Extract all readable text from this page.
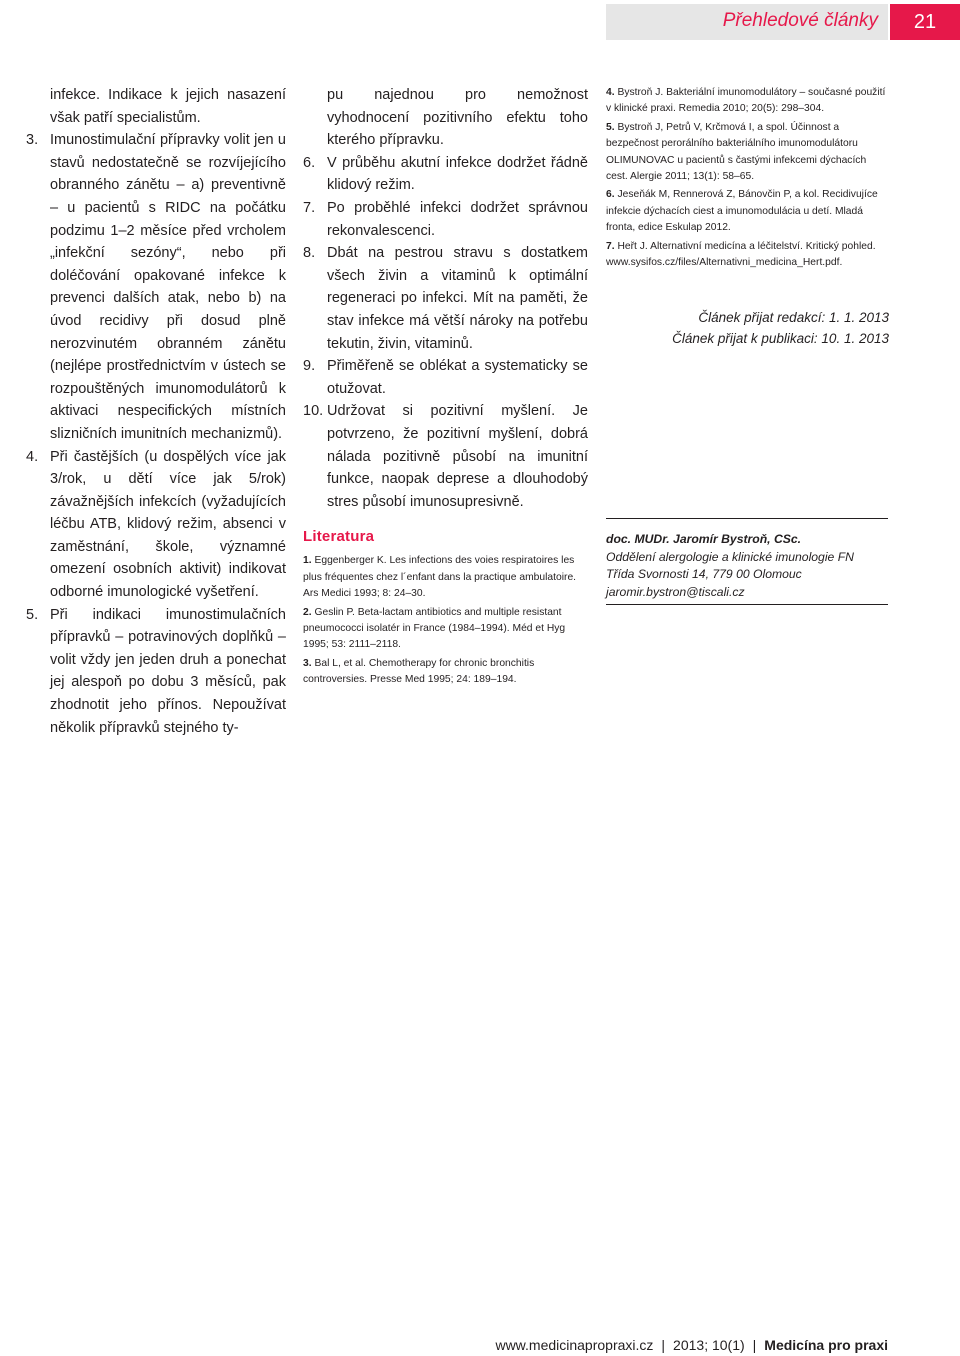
Přehledové články	21

infekce. Indikace k jejich nasazení však patří specialistům.

3. Imunostimulační přípravky volit jen u stavů nedostatečně se rozvíjejícího obranného zánětu – a) preventivně – u pacientů s RIDC na počátku podzimu 1–2 měsíce před vrcholem „infekční sezóny“, nebo při doléčování opakované infekce k prevenci dalších atak, nebo b) na úvod recidivy při dosud plně nerozvinutém obranném zánětu (nejlépe prostřednictvím v ústech se rozpouštěných imunomodulátorů k aktivaci nespecifických místních slizničních imunitních mechanizmů).
4. Při častějších (u dospělých více jak 3/rok, u dětí více jak 5/rok) závažnějších infekcích (vyžadujících léčbu ATB, klidový režim, absenci v zaměstnání, škole, významné omezení osobních aktivit) indikovat odborné imunologické vyšetření.
5. Při indikaci imunostimulačních přípravků – potravinových doplňků – volit vždy jen jeden druh a ponechat jej alespoň po dobu 3 měsíců, pak zhodnotit jeho přínos. Nepoužívat několik přípravků stejného ty-

pu najednou pro nemožnost vyhodnocení pozitivního efektu toho kterého přípravku.

6. V průběhu akutní infekce dodržet řádně klidový režim.
7. Po proběhlé infekci dodržet správnou rekonvalescenci.
8. Dbát na pestrou stravu s dostatkem všech živin a vitaminů k optimální regeneraci po infekci. Mít na paměti, že stav infekce má větší nároky na potřebu tekutin, živin, vitaminů.
9. Přiměřeně se oblékat a systematicky se otužovat.
10. Udržovat si pozitivní myšlení. Je potvrzeno, že pozitivní myšlení, dobrá nálada pozitivně působí na imunitní funkce, naopak deprese a dlouhodobý stres působí imunosupresivně.
Literatura

1. Eggenberger K. Les infections des voies respiratoires les plus fréquentes chez l´enfant dans la practique ambulatoire. Ars Medici 1993; 8: 24–30.

2. Geslin P. Beta-lactam antibiotics and multiple resistant pneumococci isolatér in France (1984–1994). Méd et Hyg 1995; 53: 2111–2118.

3. Bal L, et al. Chemotherapy for chronic bronchitis controversies. Presse Med 1995; 24: 189–194.

4. Bystroň J. Bakteriální imunomodulátory – současné použití v klinické praxi. Remedia 2010; 20(5): 298–304.

5. Bystroň J, Petrů V, Krčmová I, a spol. Účinnost a bezpečnost perorálního bakteriálního imunomodulátoru OLIMUNOVAC u pacientů s častými infekcemi dýchacích cest. Alergie 2011; 13(1): 58–65.

6. Jeseňák M, Rennerová Z, Bánovčin P, a kol. Recidivujíce infekcie dýchacích ciest a imunomodulácia u detí. Mladá fronta, edice Eskulap 2012.

7. Heřt J. Alternativní medicína a léčitelství. Kritický pohled. www.sysifos.cz/files/Alternativni_medicina_Hert.pdf.

Článek přijat redakcí: 1. 1. 2013
Článek přijat k publikaci: 10. 1. 2013
doc. MUDr. Jaromír Bystroň, CSc.
Oddělení alergologie a klinické imunologie FN
Třída Svornosti 14, 779 00 Olomouc
jaromir.bystron@tiscali.cz
www.medicinapropraxi.cz | 2013; 10(1) | Medicína pro praxi
